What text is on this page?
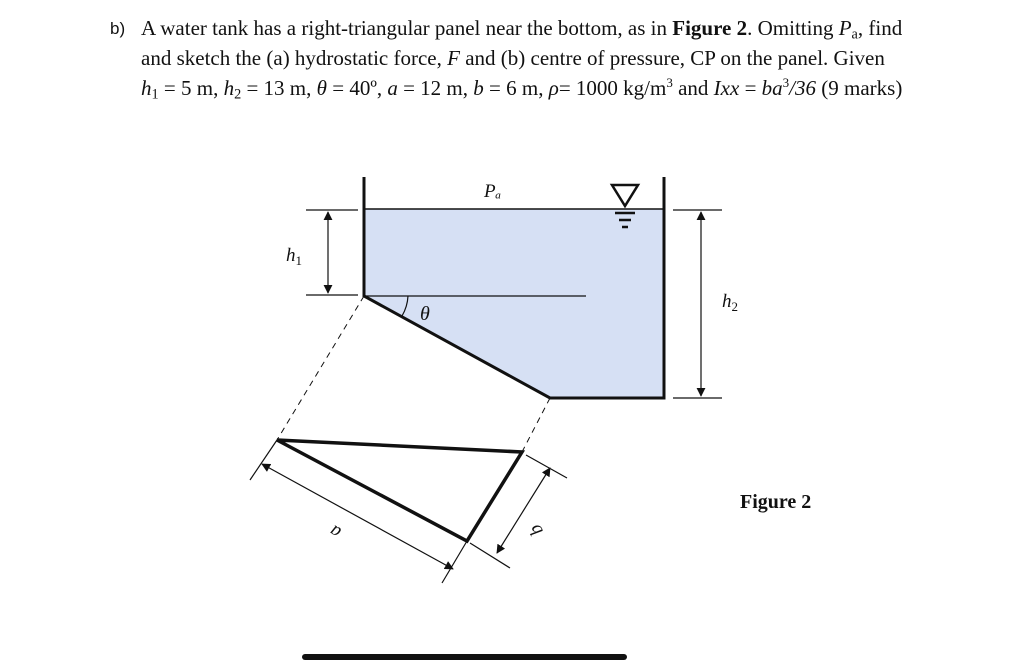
b) A water tank has a right-triangular panel near the bottom, as in Figure 2. Omitting $P_a$, find
and sketch the (a) hydrostatic force, F and (b) centre of pressure, CP on the panel. Given
$h_1 = 5$ m, $h_2 = 13$ m, θ = 40º, a = 12 m, b = 6 m, ρ= 1000 $kg/m^3$ and Ixx = $ba^3/36$ (9 marks)
Pₐ
$h_1$
$h_2$
θ
a	b
Figure 2
